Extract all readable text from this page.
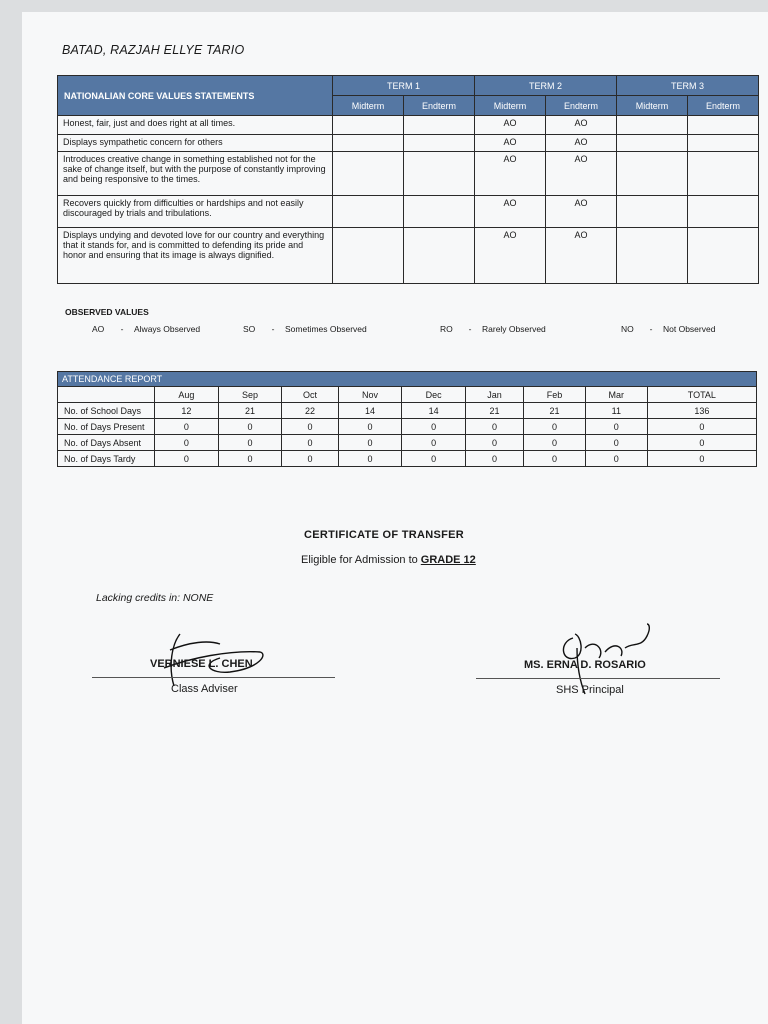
BATAD, RAZJAH ELLYE TARIO
NATIONALIAN CORE VALUES STATEMENTS	TERM 1		TERM 2		TERM 3	
	Midterm	Endterm	Midterm	Endterm	Midterm	Endterm
Honest, fair, just and does right at all times.			AO	AO		
Displays sympathetic concern for others			AO	AO		
Introduces creative change in something established not for the sake of change itself, but with the purpose of constantly improving and being responsive to the times.			AO	AO		
Recovers quickly from difficulties or hardships and not easily discouraged by trials and tribulations.			AO	AO		
Displays undying and devoted love for our country and everything that it stands for, and is committed to defending its pride and honor and ensuring that its image is always dignified.			AO	AO		
OBSERVED VALUES
AO - Always Observed	SO - Sometimes Observed	RO - Rarely Observed	NO - Not Observed
ATTENDANCE REPORT									
	Aug	Sep	Oct	Nov	Dec	Jan	Feb	Mar	TOTAL
No. of School Days	12	21	22	14	14	21	21	11	136
No. of Days Present	0	0	0	0	0	0	0	0	0
No. of Days Absent	0	0	0	0	0	0	0	0	0
No. of Days Tardy	0	0	0	0	0	0	0	0	0
CERTIFICATE OF TRANSFER
Eligible for Admission to GRADE 12
Lacking credits in: NONE
VERNIESE L. CHEN
Class Adviser
MS. ERNA D. ROSARIO
SHS Principal
